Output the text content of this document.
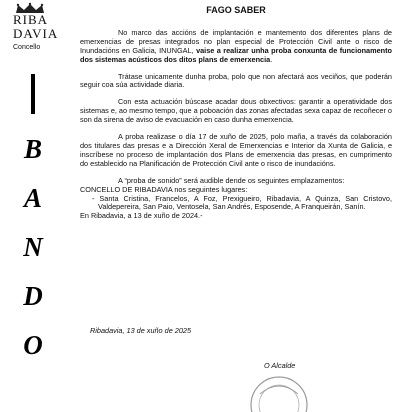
RIBA
DAVIA
Concello
B
A
N
D
O
FAGO SABER

No marco das accións de implantación e mantemento dos diferentes plans de emerxencias de presas integrados no plan especial de Protección Civil ante o risco de Inundacións en Galicia, INUNGAL, vaise a realizar unha proba conxunta de funcionamento dos sistemas acústicos dos ditos plans de emerxencia.

Trátase unicamente dunha proba, polo que non afectará aos veciños, que poderán seguir coa súa actividade diaria.

Con esta actuación búscase acadar dous obxectivos: garantir a operatividade dos sistemas e, ao mesmo tempo, que a poboación das zonas afectadas sexa capaz de recoñecer o son da sirena de aviso de evacuación en caso dunha emerxencia.

A proba realizase o día 17 de xuño de 2025, polo maña, a través da colaboración dos titulares das presas e a Dirección Xeral de Emerxencias e Interior da Xunta de Galicia, e inscríbese no proceso de implantación dos Plans de emerxencia das presas, en cumprimento do establecido na Planificación de Protección Civil ante o risco de inundacións.

A “proba de sonido” será audible dende os seguintes emplazamentos:
CONCELLO DE RIBADAVIA nos seguintes lugares:
- Santa Cristina, Francelos, A Foz, Prexigueiro, Ribadavia, A Quinza, San Cristovo, Valdepereira, San Paio, Ventosela, San Andrés, Esposende, A Franqueirán, Sanín.
En Ribadavia, a 13 de xuño de 2024.-
Ribadavia, 13 de xuño de 2025
O Alcalde
